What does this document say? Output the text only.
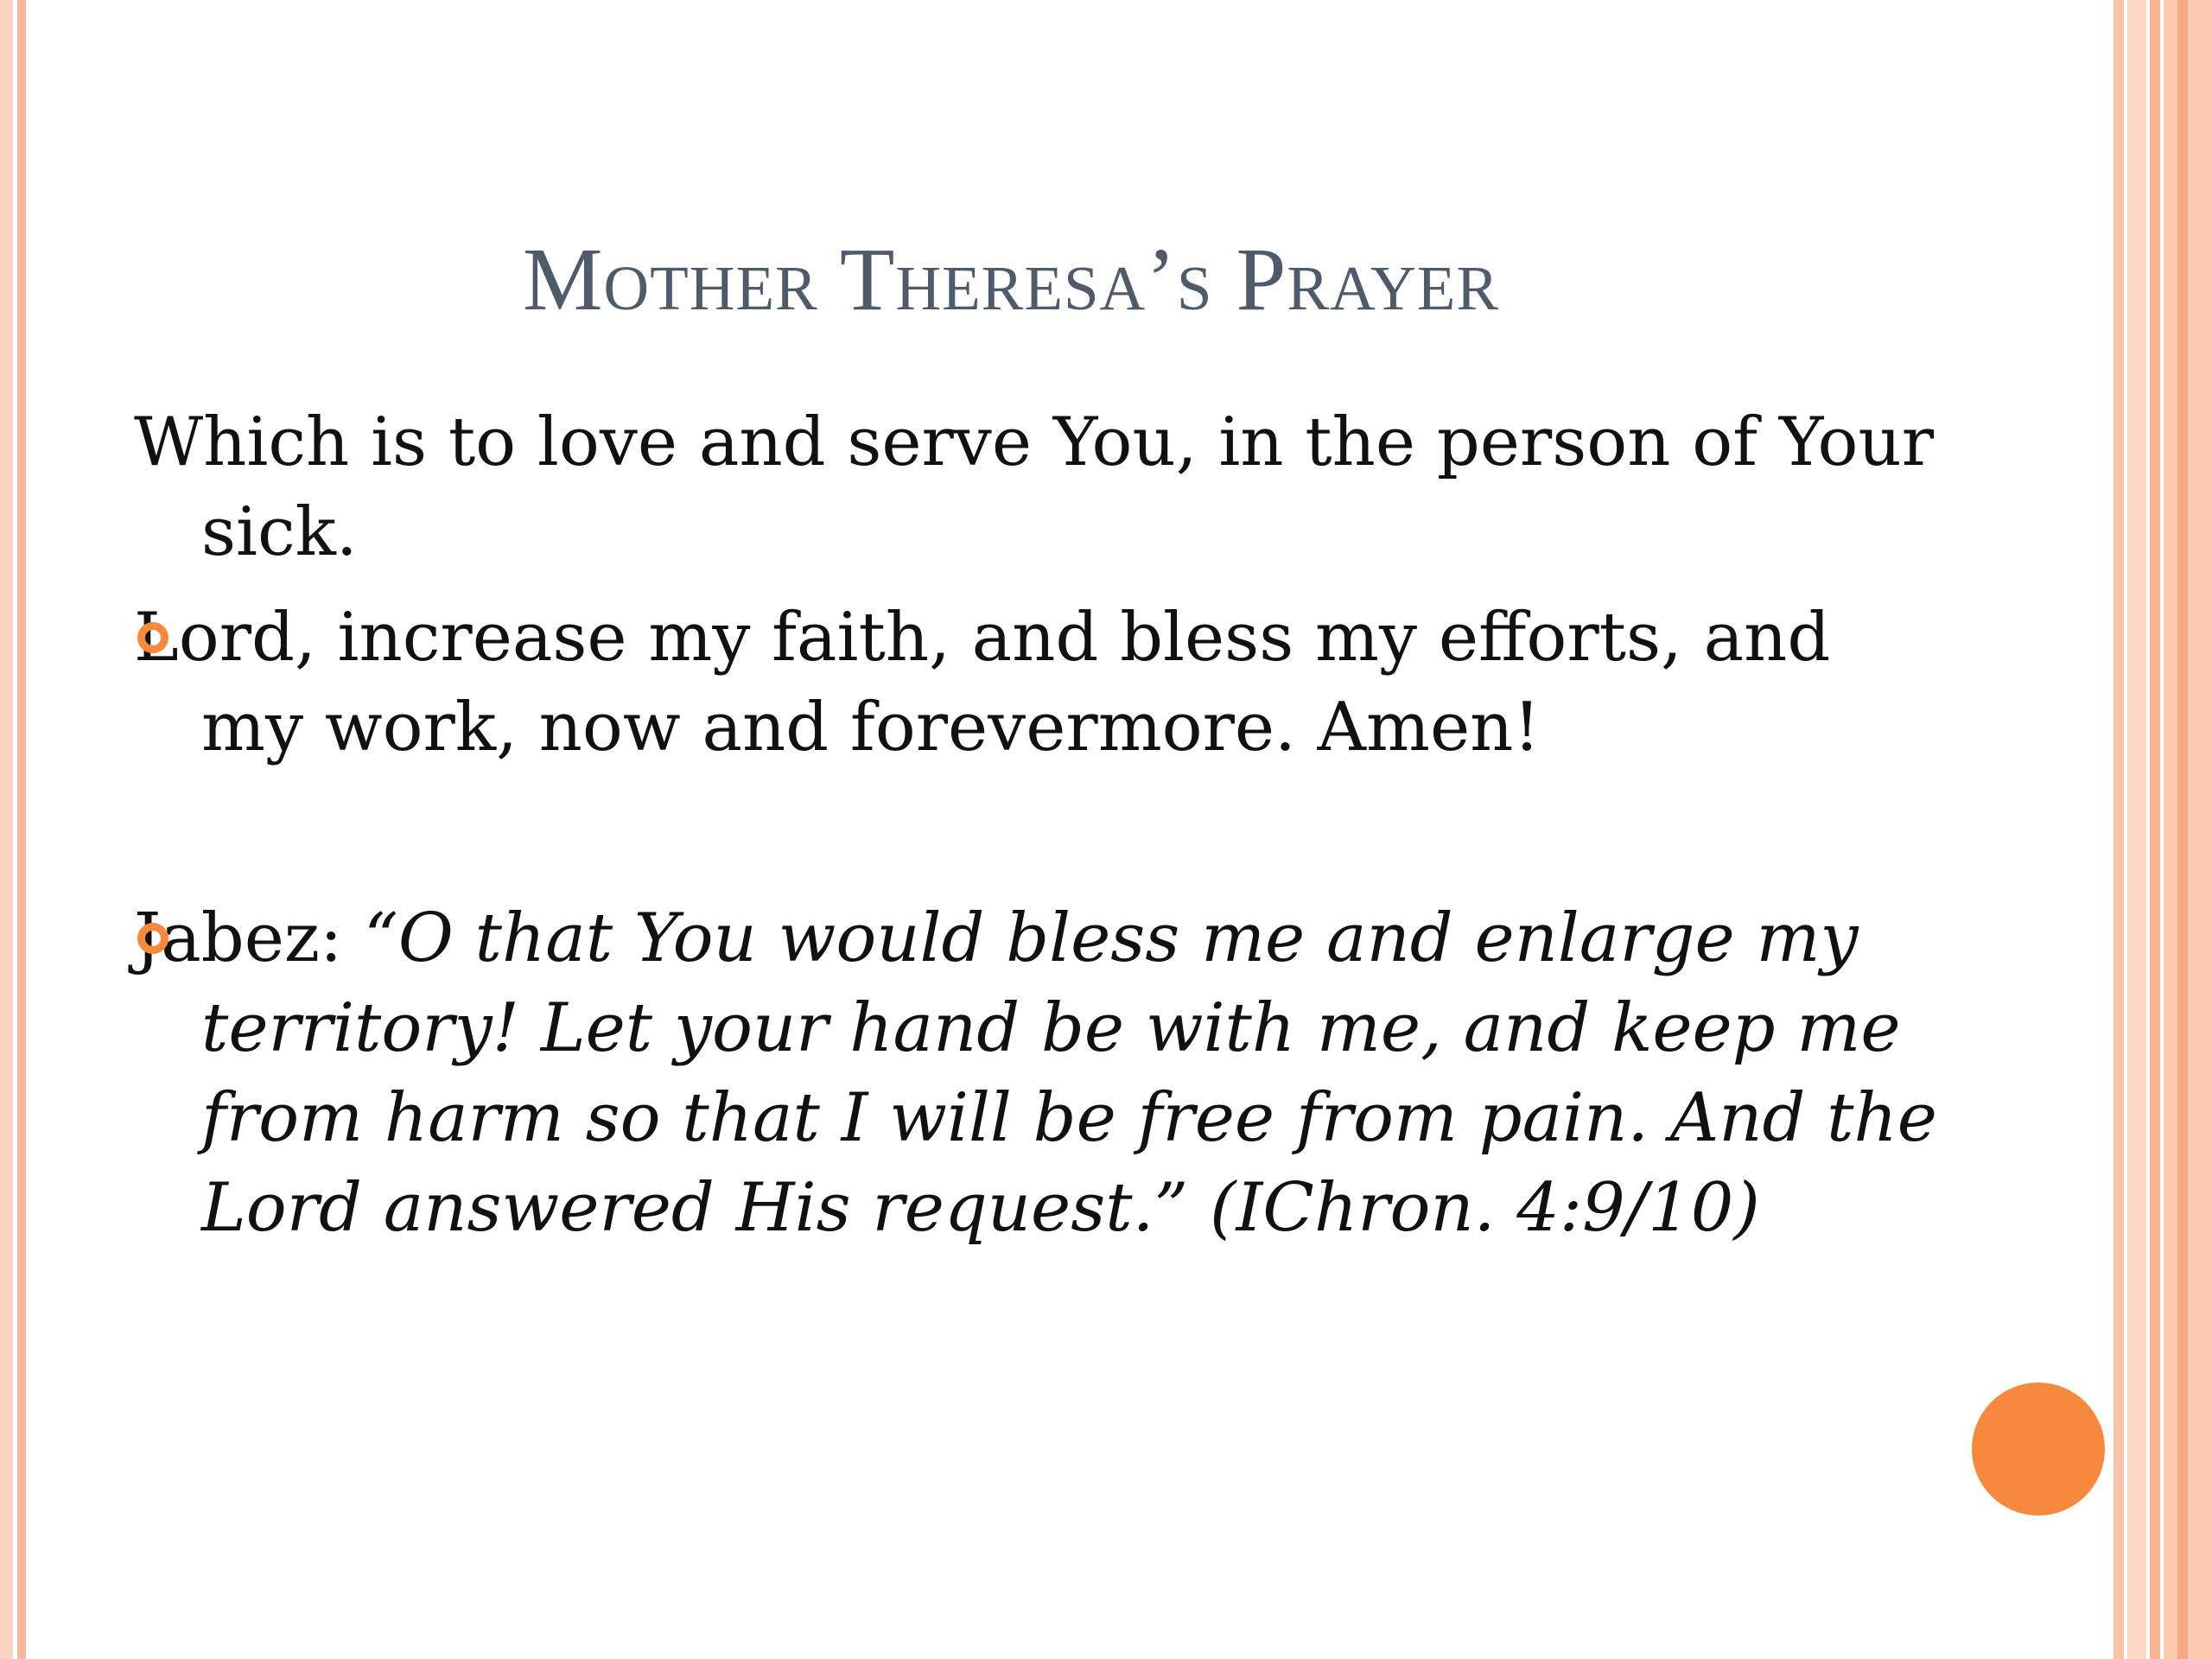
Mother Theresa’s Prayer

Which is to love and serve You, in the person of Your sick.

Lord, increase my faith, and bless my efforts, and my work, now and forevermore. Amen!

Jabez: “O that You would bless me and enlarge my territory! Let your hand be with me, and keep me from harm so that I will be free from pain. And the Lord answered His request.” (IChron. 4:9/10)
